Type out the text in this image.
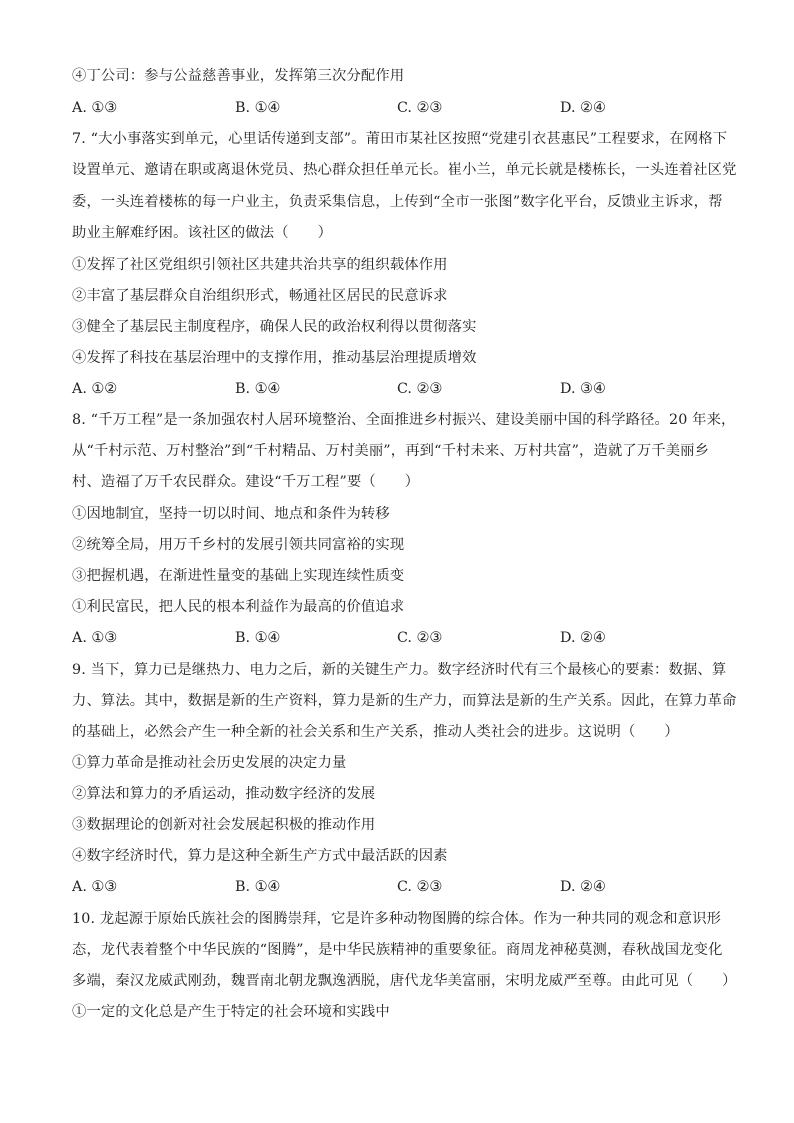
④丁公司：参与公益慈善事业，发挥第三次分配作用
A. ①③	B. ①④	C. ②③	D. ②④
7. “大小事落实到单元，心里话传递到支部”。莆田市某社区按照“党建引衣甚惠民”工程要求，在网格下
设置单元、邀请在职或离退休党员、热心群众担任单元长。崔小兰，单元长就是楼栋长，一头连着社区党
委，一头连着楼栋的每一户业主，负责采集信息，上传到“全市一张图”数字化平台，反馈业主诉求，帮
助业主解难纾困。该社区的做法（　　）
①发挥了社区党组织引领社区共建共治共享的组织载体作用
②丰富了基层群众自治组织形式，畅通社区居民的民意诉求
③健全了基层民主制度程序，确保人民的政治权利得以贯彻落实
④发挥了科技在基层治理中的支撑作用，推动基层治理提质增效
A. ①②	B. ①④	C. ②③	D. ③④
8. “千万工程”是一条加强农村人居环境整治、全面推进乡村振兴、建设美丽中国的科学路径。20 年来，
从“千村示范、万村整治”到“千村精品、万村美丽”，再到“千村未来、万村共富”，造就了万千美丽乡
村、造福了万千农民群众。建设“千万工程”要（　　）
①因地制宜，坚持一切以时间、地点和条件为转移
②统筹全局，用万千乡村的发展引领共同富裕的实现
③把握机遇，在渐进性量变的基础上实现连续性质变
①利民富民，把人民的根本利益作为最高的价值追求
A. ①③	B. ①④	C. ②③	D. ②④
9. 当下，算力已是继热力、电力之后，新的关键生产力。数字经济时代有三个最核心的要素：数据、算
力、算法。其中，数据是新的生产资料，算力是新的生产力，而算法是新的生产关系。因此，在算力革命
的基础上，必然会产生一种全新的社会关系和生产关系，推动人类社会的进步。这说明（　　）
①算力革命是推动社会历史发展的决定力量
②算法和算力的矛盾运动，推动数字经济的发展
③数据理论的创新对社会发展起积极的推动作用
④数字经济时代，算力是这种全新生产方式中最活跃的因素
A. ①③	B. ①④	C. ②③	D. ②④
10. 龙起源于原始氏族社会的图腾崇拜，它是许多种动物图腾的综合体。作为一种共同的观念和意识形
态，龙代表着整个中华民族的“图腾”，是中华民族精神的重要象征。商周龙神秘莫测，春秋战国龙变化
多端，秦汉龙威武刚劲，魏晋南北朝龙飘逸洒脱，唐代龙华美富丽，宋明龙威严至尊。由此可见（　　）
①一定的文化总是产生于特定的社会环境和实践中
